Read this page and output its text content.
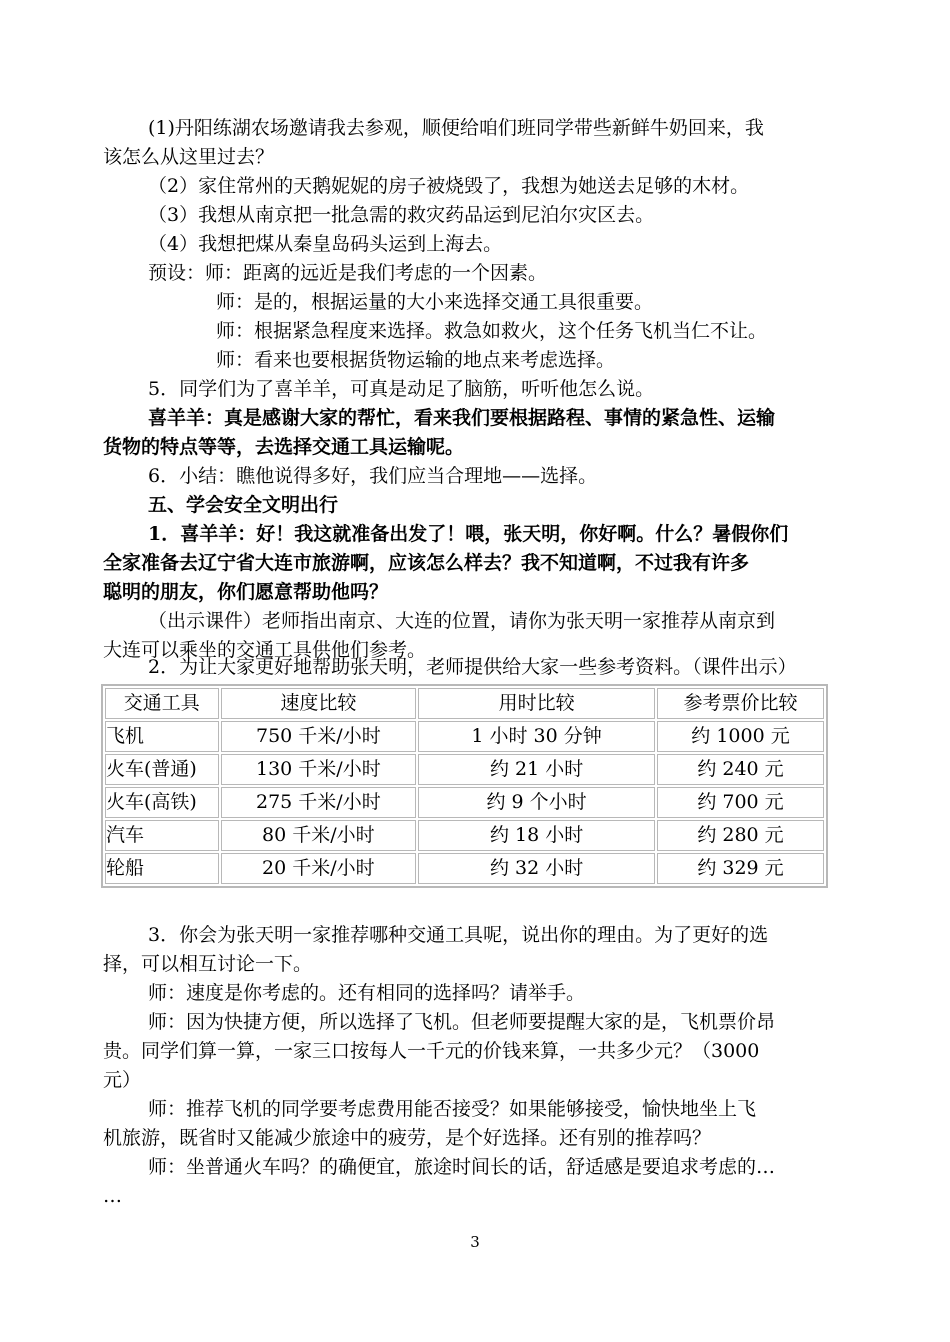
(1)丹阳练湖农场邀请我去参观，顺便给咱们班同学带些新鲜牛奶回来，我
该怎么从这里过去？
（2）家住常州的天鹅妮妮的房子被烧毁了，我想为她送去足够的木材。
（3）我想从南京把一批急需的救灾药品运到尼泊尔灾区去。
（4）我想把煤从秦皇岛码头运到上海去。
预设：师：距离的远近是我们考虑的一个因素。
师：是的，根据运量的大小来选择交通工具很重要。
师：根据紧急程度来选择。救急如救火，这个任务飞机当仁不让。
师：看来也要根据货物运输的地点来考虑选择。
5．同学们为了喜羊羊，可真是动足了脑筋，听听他怎么说。
喜羊羊：真是感谢大家的帮忙，看来我们要根据路程、事情的紧急性、运输
货物的特点等等，去选择交通工具运输呢。
6．小结：瞧他说得多好，我们应当合理地——选择。
五、学会安全文明出行
1．喜羊羊：好！我这就准备出发了！喂，张天明，你好啊。什么？暑假你们
全家准备去辽宁省大连市旅游啊，应该怎么样去？我不知道啊，不过我有许多
聪明的朋友，你们愿意帮助他吗？
（出示课件）老师指出南京、大连的位置，请你为张天明一家推荐从南京到
大连可以乘坐的交通工具供他们参考。
2．为让大家更好地帮助张天明，老师提供给大家一些参考资料。（课件出示）
交通工具	速度比较	用时比较	参考票价比较
飞机	750 千米/小时	1 小时 30 分钟	约 1000 元
火车(普通)	130 千米/小时	约 21 小时	约 240 元
火车(高铁)	275 千米/小时	约 9 个小时	约 700 元
汽车	80 千米/小时	约 18 小时	约 280 元
轮船	20 千米/小时	约 32 小时	约 329 元
3．你会为张天明一家推荐哪种交通工具呢，说出你的理由。为了更好的选
择，可以相互讨论一下。
师：速度是你考虑的。还有相同的选择吗？请举手。
师：因为快捷方便，所以选择了飞机。但老师要提醒大家的是，飞机票价昂
贵。同学们算一算，一家三口按每人一千元的价钱来算，一共多少元？（3000
元）
师：推荐飞机的同学要考虑费用能否接受？如果能够接受，愉快地坐上飞
机旅游，既省时又能减少旅途中的疲劳，是个好选择。还有别的推荐吗？
师：坐普通火车吗？的确便宜，旅途时间长的话，舒适感是要追求考虑的…
…
3
